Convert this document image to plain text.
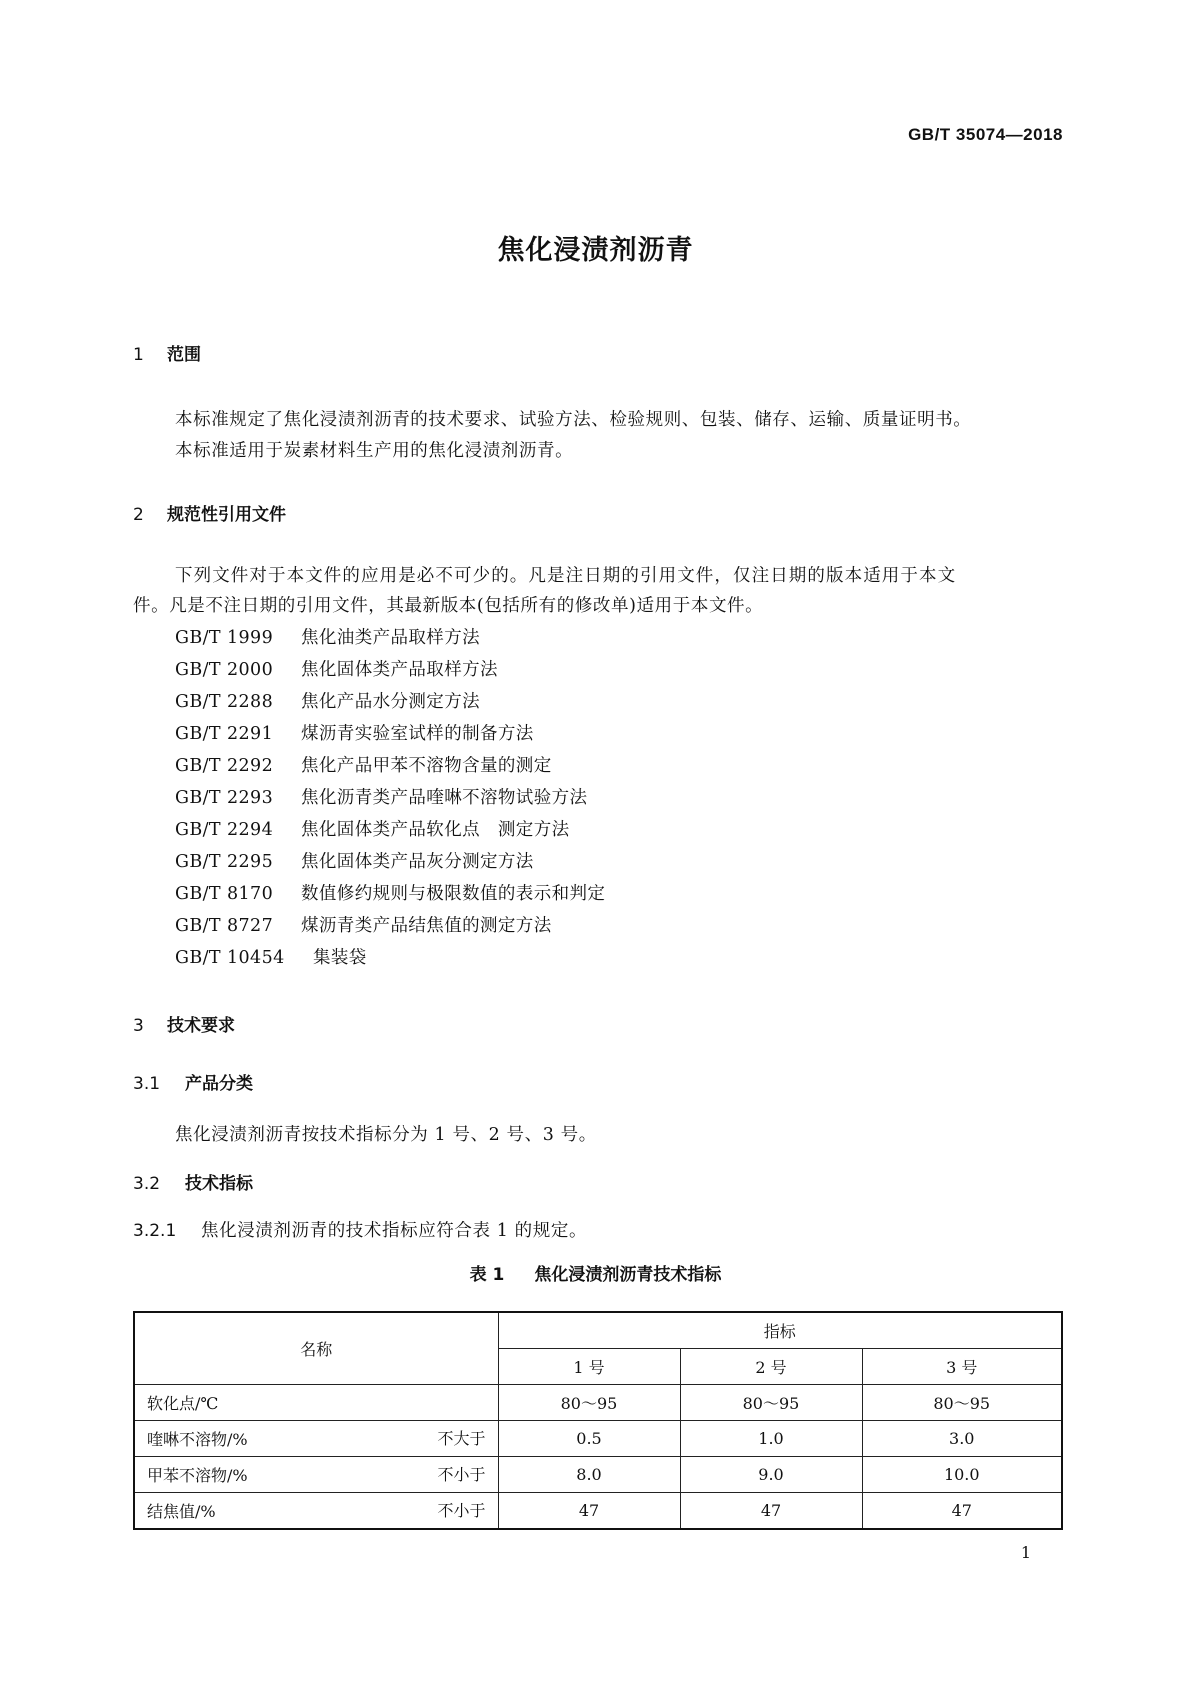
GB/T 35074—2018
焦化浸渍剂沥青
1 范围
本标准规定了焦化浸渍剂沥青的技术要求、试验方法、检验规则、包装、储存、运输、质量证明书。
本标准适用于炭素材料生产用的焦化浸渍剂沥青。
2 规范性引用文件
下列文件对于本文件的应用是必不可少的。凡是注日期的引用文件，仅注日期的版本适用于本文
件。凡是不注日期的引用文件，其最新版本(包括所有的修改单)适用于本文件。
GB/T 1999 焦化油类产品取样方法
GB/T 2000 焦化固体类产品取样方法
GB/T 2288 焦化产品水分测定方法
GB/T 2291 煤沥青实验室试样的制备方法
GB/T 2292 焦化产品甲苯不溶物含量的测定
GB/T 2293 焦化沥青类产品喹啉不溶物试验方法
GB/T 2294 焦化固体类产品软化点　测定方法
GB/T 2295 焦化固体类产品灰分测定方法
GB/T 8170 数值修约规则与极限数值的表示和判定
GB/T 8727 煤沥青类产品结焦值的测定方法
GB/T 10454 集装袋
3 技术要求
3.1 产品分类
焦化浸渍剂沥青按技术指标分为 1 号、2 号、3 号。
3.2 技术指标
3.2.1 焦化浸渍剂沥青的技术指标应符合表 1 的规定。
表 1 焦化浸渍剂沥青技术指标
名称	指标		
	1 号	2 号	3 号
软化点/℃	80～95	80～95	80～95
喹啉不溶物/% 不大于	0.5	1.0	3.0
甲苯不溶物/% 不小于	8.0	9.0	10.0
结焦值/% 不小于	47	47	47
1
